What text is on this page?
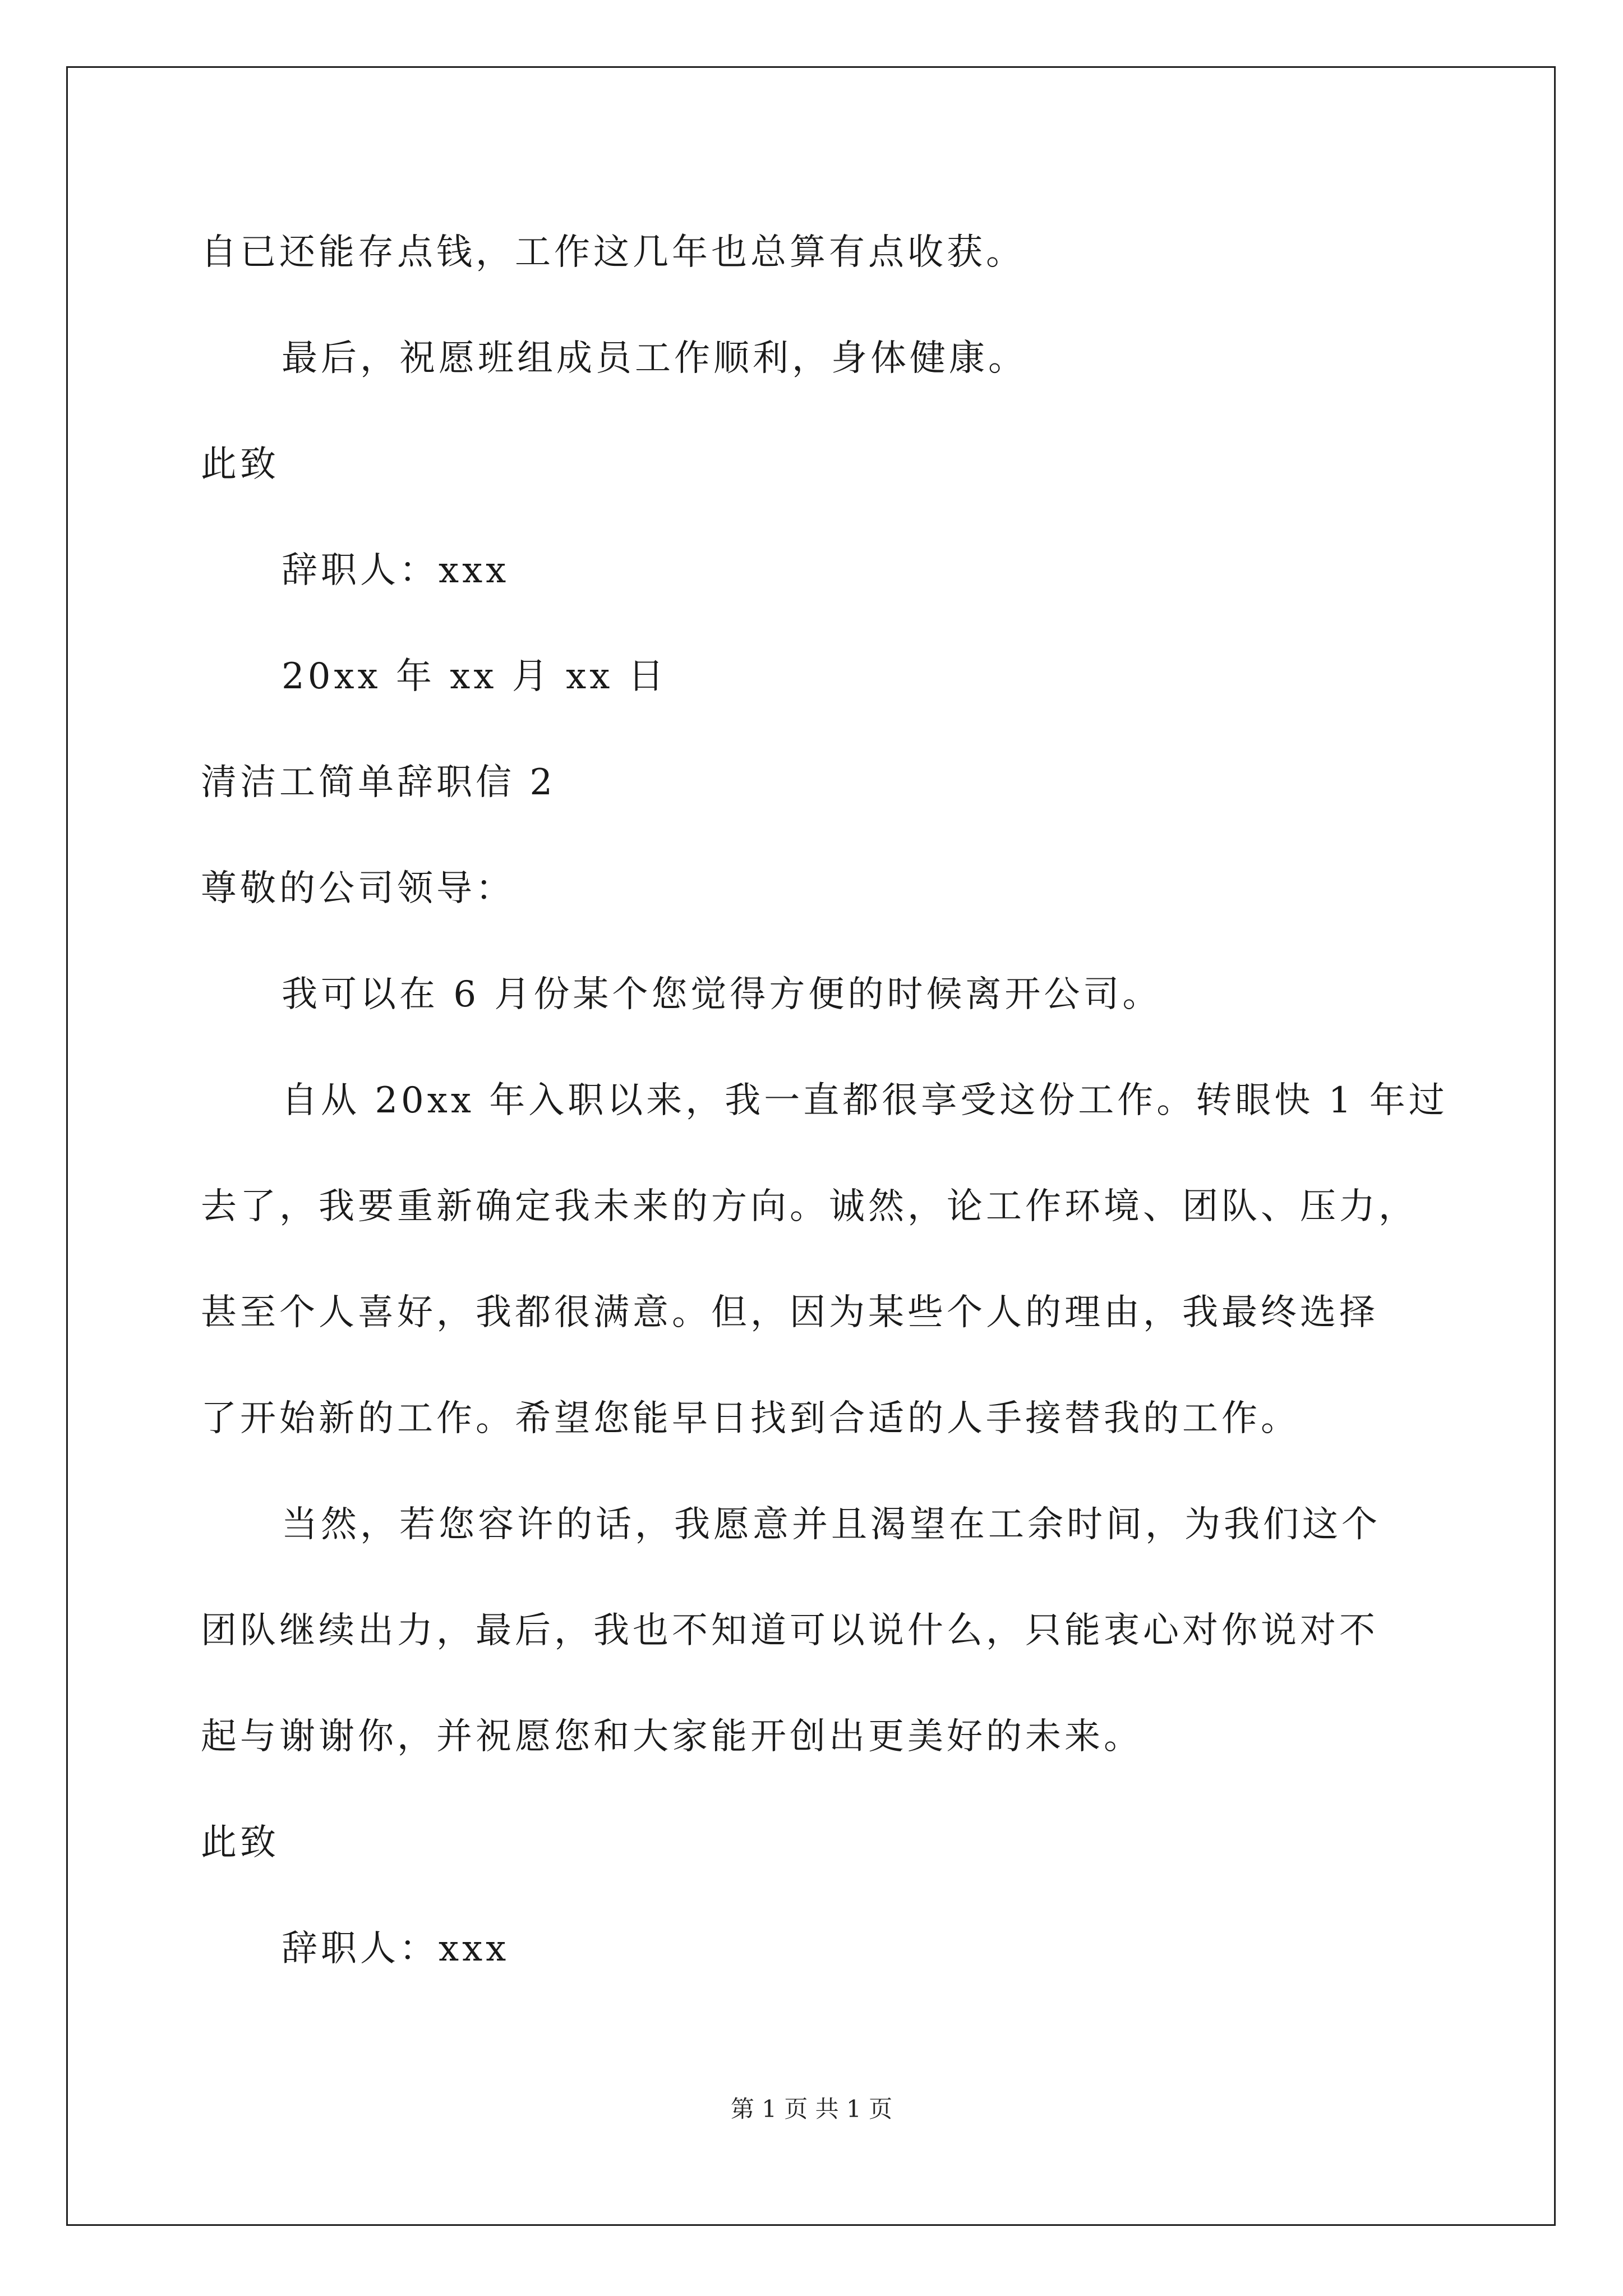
自已还能存点钱，工作这几年也总算有点收获。
最后，祝愿班组成员工作顺利，身体健康。
此致
辞职人：xxx
20xx 年 xx 月 xx 日
清洁工简单辞职信 2
尊敬的公司领导：
我可以在 6 月份某个您觉得方便的时候离开公司。
自从 20xx 年入职以来，我一直都很享受这份工作。转眼快 1 年过
去了，我要重新确定我未来的方向。诚然，论工作环境、团队、压力，
甚至个人喜好，我都很满意。但，因为某些个人的理由，我最终选择
了开始新的工作。希望您能早日找到合适的人手接替我的工作。
当然，若您容许的话，我愿意并且渴望在工余时间，为我们这个
团队继续出力，最后，我也不知道可以说什么，只能衷心对你说对不
起与谢谢你，并祝愿您和大家能开创出更美好的未来。
此致
辞职人：xxx
第 1 页 共 1 页
